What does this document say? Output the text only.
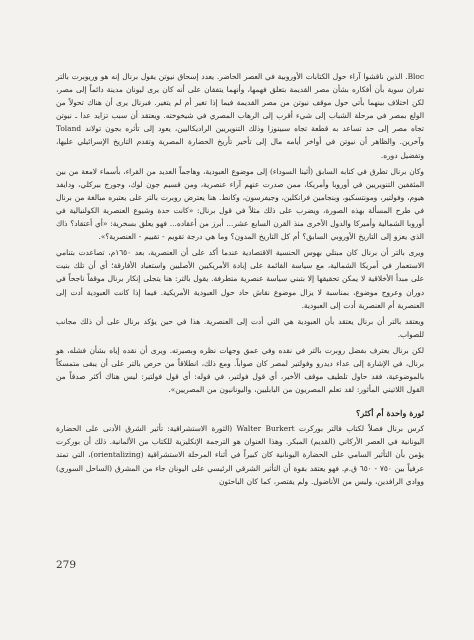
Bloc. الذين ناقشوا آراء حول الكتابات الأوروبية في العصر الحاضر. يعدد إسحاق نيوتن يقول برنال إنه هو وريوبرت بالتر تقران سوية بأن أفكاره بشأن مصر القديمة بتعلق فهمها، وأنهما يتفقان على أنه كان يرى ليونان مدينة دائماً إلى مصر، لكن اختلاف بينهما بأتي حول موقف نيوتن من مصر القديمة فيما إذا تغير أم لم يتغير. فبرنال يرى أن هناك تحولاً من الولع بمصر في مرحلة الشباب إلى شيء أقرب إلى الرهاب المصري في شيخوخته. ويعتقد أن سبب تزايد عدا ـ نيوتن تجاه مصر إلى حد تساعد به قطعة تجاه سبينوزا وذلك التنويريين الراديكاليين، يعود إلى تأثره بجون تولاند Toland وآخرين. والظاهر أن نيوتن في أواخر أيامه مال إلى تأخير تأريخ الحضارة المصرية وتقدم التاريخ الإسرائيلي عليها، وتفضيل دوره.

وكان برنال تطرق في كتابه السابق (أثينا السوداء) إلى موضوع العبودية، وهاجماً العديد من القراء، بأسماء لامعة من بين المثقفين التنويريين في أوروبا وأمريكا، ممن صدرت عنهم آراء عنصرية، ومن قسيم جون لوك، وجورج بيركلي، ودايفد هيوم، وفولتير، ومونتسكيو، وبنجامين فرانكلين، وجيفرسون، وكانط. هنا يعترض روبرت بالتر على يعتبره مبالغة من برنال في طرح المسألة بهذه الصورة، ويضرب على ذلك مثلاً في قول برنال: «كانت حدة وشيوع العنصرية الكولنيالية في أوروبا الشمالية وأميركا والدول الأخرى منذ القرن السابع عشر... أبرز من أعقاده... فهو يعلق بسخرية: «أي أعتقاد؟ ذاك الذي يعزو إلى التاريخ الأوروبي السابق؟ أم كل التاريخ المدون؟ وما هي درجة تقويم - تقييم - العنصرية؟».

ويرى بالتر أن برنال كان مبتلي بهوس الحنسية الاقتصادية عندما أكد على أن العنصرية، بعد ١٦٥٠م، تصاعدت بتنامي الاستعمار في أمريكا الشمالية، مع سياسة القائمة على إبادة الأمريكيين الأصليين واستعباد الأفارقة؛ أي أن تلك بنيت على مبدأ الأخلاقية لا يمكن تحقيقها إلا بتبني سياسة عنصرية متطرفة. يقول بالتر: هنا يتجلى إنكار برنال موقفاً ناجحاً في دوران وعروج موضوع، بمناسبة لا يزال موضوع نقاش حاد حول العبودية الأمريكية. فيما إذا كانت العبودية أدت إلى العنصرية أم العنصرية أدت إلى العبودية.

ويعتقد بالتر أن برنال يعتقد بأن العبودية هي التي أدت إلى العنصرية. هذا في حين يؤكد برنال على أن ذلك مجانب للصواب.

لكن برنال يعترف بفضل روبرت بالتر في نقده وفي عمق وجهات نظره وبصيرته. ويرى أن نقده إياه بشأن فشله، هو برنال، في الإشارة إلى عداء ديدرو وفولتير لمصر كان صواباً. ومع ذلك، انطلاقاً من حرص بالتر على أن يبقى متمسكاً بالموضوعية، فقد حاول تلطيف موقف الأخير، أي قول فولتير، في قوله: أي قول فولتير: ليس هناك أكثر صدقاً من القول اللاتيني المأثور: لقد تعلم المصريون من البابليين، واليونانيون من المصريين».

ثورة واحدة أم أكثر؟

كرس برنال فصلاً لكتاب فالتر بوركرت Walter Burkert (الثورة الاستشراقية: تأثير الشرق الأدنى على الحضارة اليونانية في العصر الأركاني (القديم) المبكر. وهذا العنوان هو الترجمة الإنكليزية للكتاب من الألمانية. ذلك أن بوركرت يؤمن بأن التأثير السامي على الحضارة اليونانية كان كبيراً في أثناء المرحلة الاستشراقية (orientalizing)، التي تمتد عرفياً بين ٧٥٠ - ٦٥٠ ق.م. فهو يعتقد بقوة أن التأثير الشرقي الرئيسي على اليونان جاء من المشرق (الساحل السوري) ووادي الرافدين، وليس من الأناضول. ولم يقتصر، كما كان الباحثون

279
